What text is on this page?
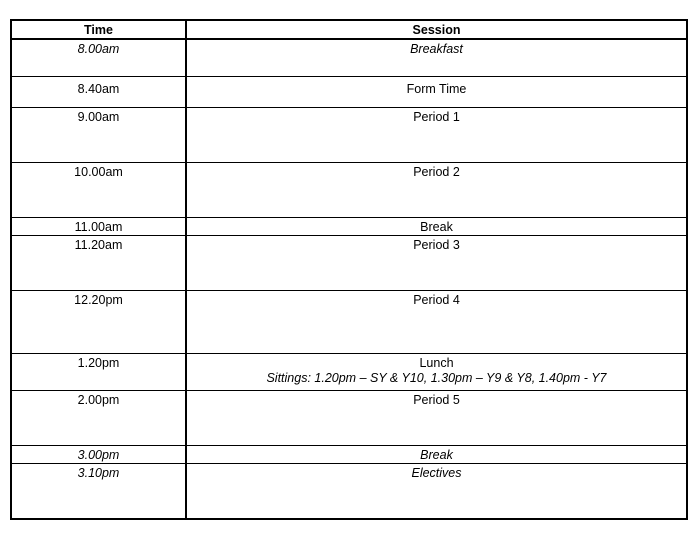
Time	Session
8.00am	Breakfast
8.40am	Form Time
9.00am	Period 1
10.00am	Period 2
11.00am	Break
11.20am	Period 3
12.20pm	Period 4
1.20pm	Lunch
Sittings: 1.20pm – SY & Y10, 1.30pm – Y9 & Y8, 1.40pm - Y7

2.00pm	Period 5
3.00pm	Break
3.10pm	Electives
